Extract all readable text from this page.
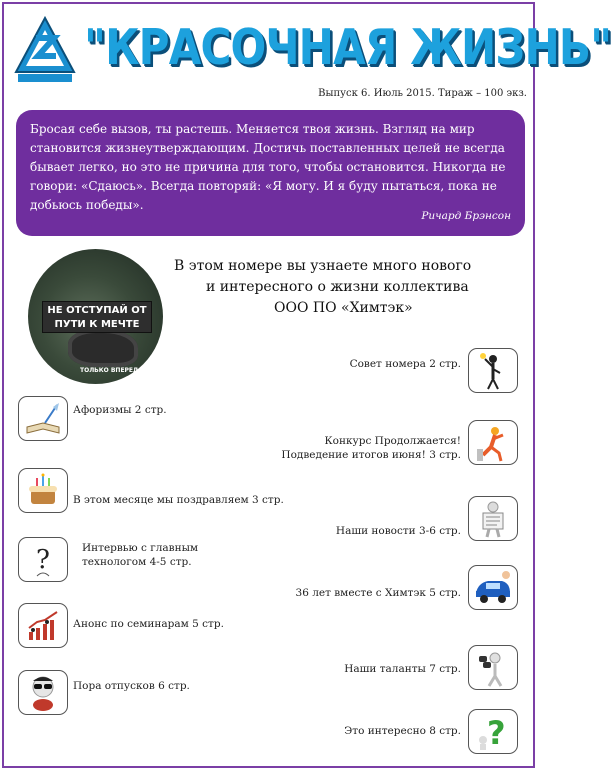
"КРАСОЧНАЯ ЖИЗНЬ"
Выпуск 6. Июль 2015. Тираж – 100 экз.
Бросая себе вызов, ты растешь. Меняется твоя жизнь. Взгляд на мир становится жизнеутверждающим. Достичь поставленных целей не всегда бывает легко, но это не причина для того, чтобы остановится. Никогда не говори: «Сдаюсь». Всегда повторяй: «Я могу. И я буду пытаться, пока не добьюсь победы».
Ричард Брэнсон
НЕ ОТСТУПАЙ ОТ ПУТИ К МЕЧТЕ
ТОЛЬКО ВПЕРЕД
В этом номере вы узнаете много нового
и интересного о жизни коллектива
ООО ПО «Химтэк»
Совет номера 2 стр.
Афоризмы 2 стр.
Конкурс Продолжается!
Подведение итогов июня! 3 стр.
В этом месяце мы поздравляем 3 стр.
Наши новости 3-6 стр.
?	Интервью с главным
технологом 4-5 стр.
36 лет вместе с Химтэк 5 стр.
Анонс по семинарам 5 стр.
Наши таланты 7 стр.
Пора отпусков 6 стр.
Это интересно 8 стр. ?
